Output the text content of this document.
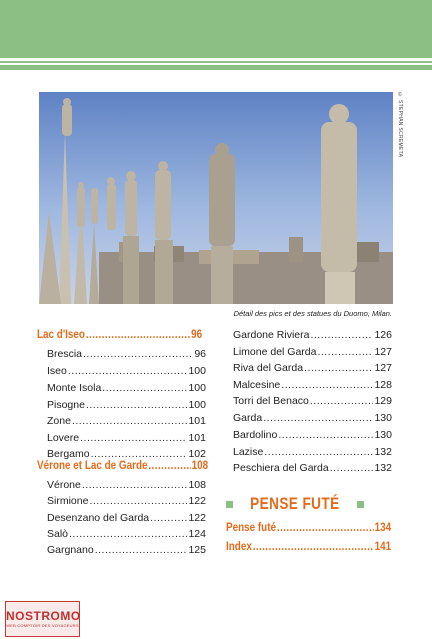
© STEPHAN SCREMETA
Détail des pics et des statues du Duomo, Milan.
Lac d'Iseo .....	96
Brescia .....	96
Iseo .....	100
Monte Isola .....	100
Pisogne .....	100
Zone .....	101
Lovere .....	101
Bergamo .....	102
Vérone et Lac de Garde .....	108
Vérone .....	108
Sirmione .....	122
Desenzano del Garda .....	122
Salò .....	124
Gargnano .....	125
Gardone Riviera .....	126
Limone del Garda .....	127
Riva del Garda .....	127
Malcesine .....	128
Torri del Benaco .....	129
Garda .....	130
Bardolino .....	130
Lazise .....	132
Peschiera del Garda .....	132
PENSE FUTÉ
Pense futé .....	134
Index .....	141
NOSTROMO
WEB COMPTOIR DES VOYAGEURS
